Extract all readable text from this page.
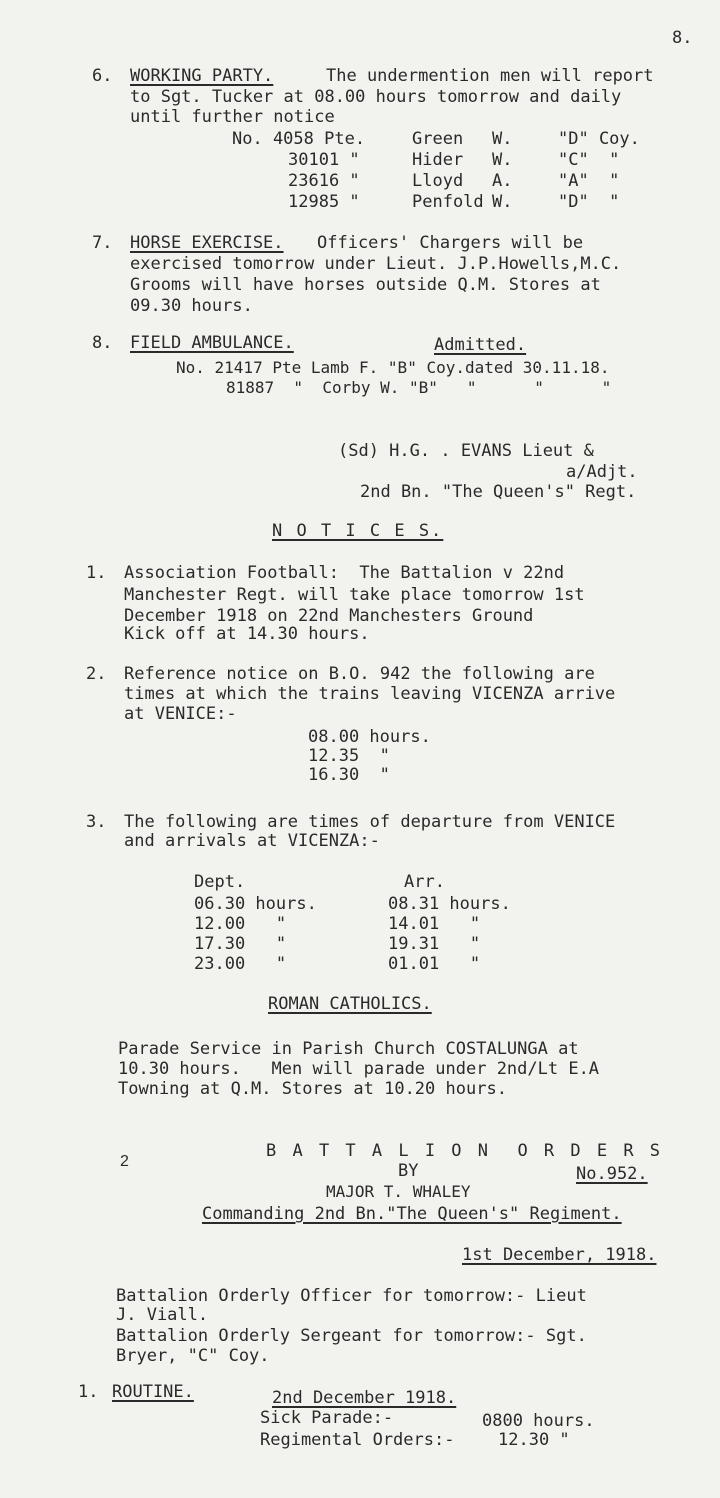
8.
6. WORKING PARTY.	The undermention men will report
to Sgt. Tucker at 08.00 hours tomorrow and daily
until further notice
No. 4058 Pte.	Green	W.	"D" Coy.
30101 "	Hider	W.	"C"  "
23616 "	Lloyd	A.	"A"  "
12985 "	Penfold W.	"D"  "
7. HORSE EXERCISE. Officers' Chargers will be
exercised tomorrow under Lieut. J.P.Howells,M.C.
Grooms will have horses outside Q.M. Stores at
09.30 hours.
8. FIELD AMBULANCE.	Admitted.
No. 21417 Pte Lamb F. "B" Coy.dated 30.11.18.
81887  "  Corby W. "B"   "      "      "
(Sd) H.G. . EVANS Lieut &
a/Adjt.
2nd Bn. "The Queen's" Regt.
N O T I C E S.
1. Association Football:  The Battalion v 22nd
Manchester Regt. will take place tomorrow 1st
December 1918 on 22nd Manchesters Ground
Kick off at 14.30 hours.
2. Reference notice on B.O. 942 the following are
times at which the trains leaving VICENZA arrive
at VENICE:-
08.00 hours.
12.35  "
16.30  "
3. The following are times of departure from VENICE
and arrivals at VICENZA:-
Dept.	Arr.
06.30 hours.	08.31 hours.
12.00   "	14.01   "
17.30   "	19.31   "
23.00   "	01.01   "
ROMAN CATHOLICS.
Parade Service in Parish Church COSTALUNGA at
10.30 hours.   Men will parade under 2nd/Lt E.A
Towning at Q.M. Stores at 10.20 hours.
2
B A T T A L I O N  O R D E R S
BY	No.952.
MAJOR T. WHALEY
Commanding 2nd Bn."The Queen's" Regiment.
1st December, 1918.
Battalion Orderly Officer for tomorrow:- Lieut
J. Viall.
Battalion Orderly Sergeant for tomorrow:- Sgt.
Bryer, "C" Coy.
1. ROUTINE.	2nd December 1918.
Sick Parade:-	0800 hours.
Regimental Orders:-	12.30 "
